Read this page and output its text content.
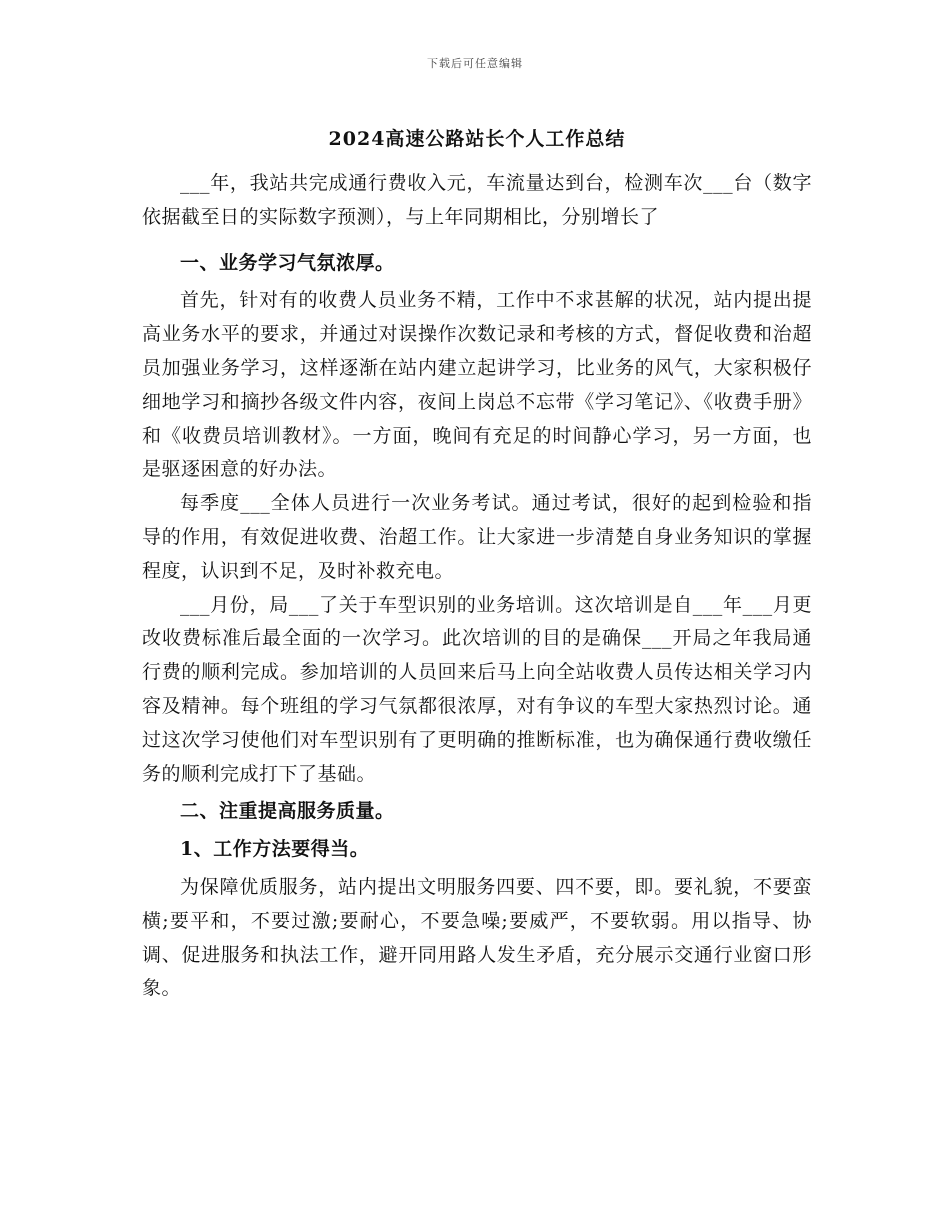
下载后可任意编辑
2024高速公路站长个人工作总结

___年，我站共完成通行费收入元，车流量达到台，检测车次___台（数字依据截至日的实际数字预测），与上年同期相比，分别增长了

一、业务学习气氛浓厚。

首先，针对有的收费人员业务不精，工作中不求甚解的状况，站内提出提高业务水平的要求，并通过对误操作次数记录和考核的方式，督促收费和治超员加强业务学习，这样逐渐在站内建立起讲学习，比业务的风气，大家积极仔细地学习和摘抄各级文件内容，夜间上岗总不忘带《学习笔记》、《收费手册》和《收费员培训教材》。一方面，晚间有充足的时间静心学习，另一方面，也是驱逐困意的好办法。

每季度___全体人员进行一次业务考试。通过考试，很好的起到检验和指导的作用，有效促进收费、治超工作。让大家进一步清楚自身业务知识的掌握程度，认识到不足，及时补救充电。

___月份，局___了关于车型识别的业务培训。这次培训是自___年___月更改收费标准后最全面的一次学习。此次培训的目的是确保___开局之年我局通行费的顺利完成。参加培训的人员回来后马上向全站收费人员传达相关学习内容及精神。每个班组的学习气氛都很浓厚，对有争议的车型大家热烈讨论。通过这次学习使他们对车型识别有了更明确的推断标准，也为确保通行费收缴任务的顺利完成打下了基础。

二、注重提高服务质量。

1、工作方法要得当。

为保障优质服务，站内提出文明服务四要、四不要，即。要礼貌，不要蛮横;要平和，不要过激;要耐心，不要急噪;要威严，不要软弱。用以指导、协调、促进服务和执法工作，避开同用路人发生矛盾，充分展示交通行业窗口形象。
